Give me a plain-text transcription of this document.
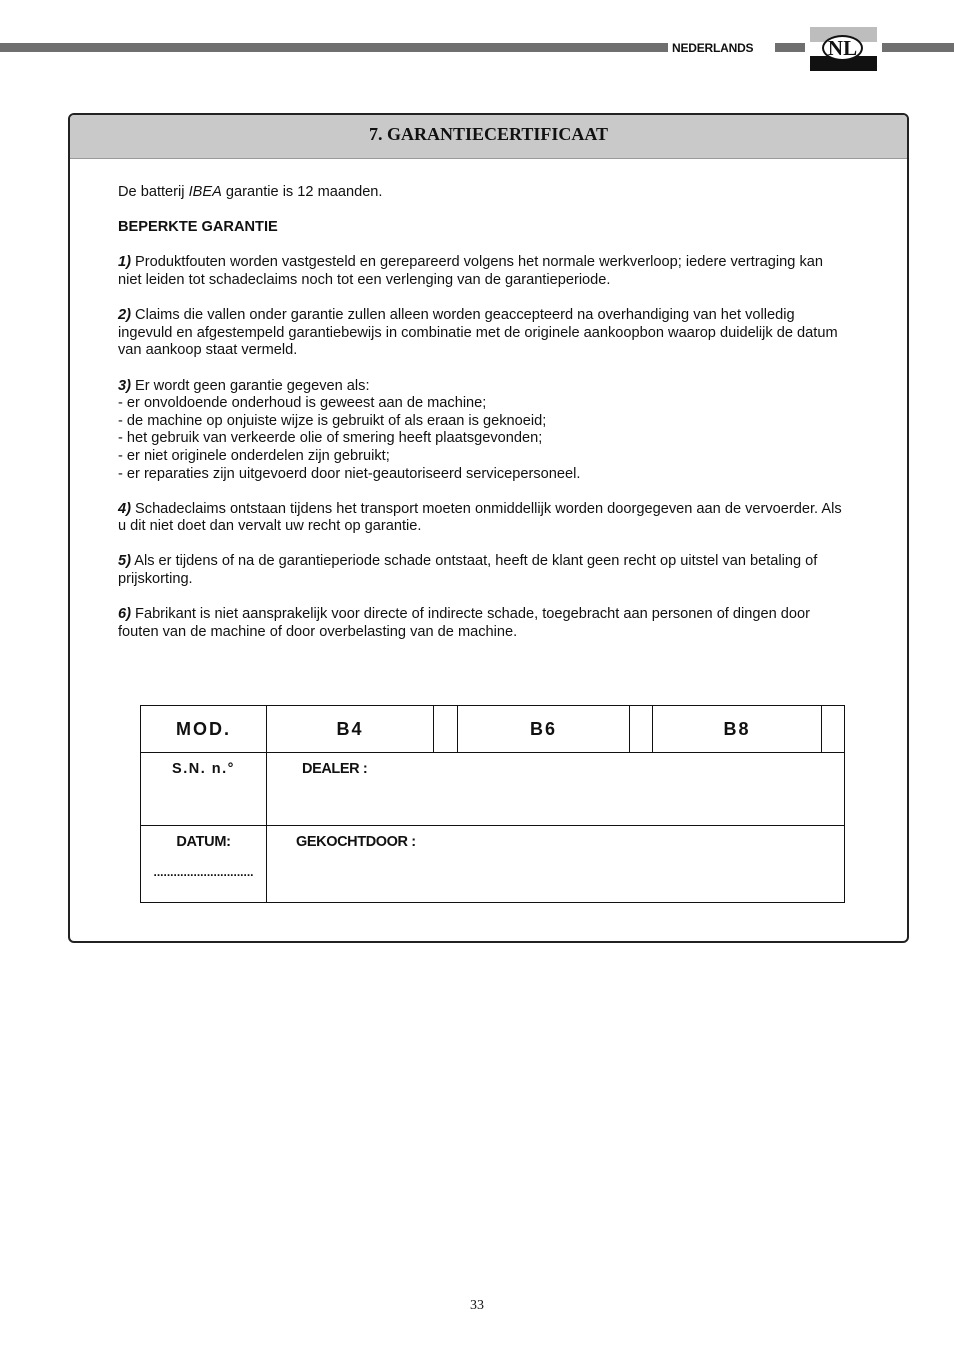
NEDERLANDS	NL
7. GARANTIECERTIFICAAT

De batterij IBEA garantie is 12 maanden.

BEPERKTE GARANTIE

1) Produktfouten worden vastgesteld en gerepareerd volgens het normale werkverloop; iedere vertraging kan niet leiden tot schadeclaims noch tot een verlenging van de garantieperiode.

2) Claims die vallen onder garantie zullen alleen worden geaccepteerd na overhandiging van het volledig ingevuld en afgestempeld garantiebewijs in combinatie met de originele aankoopbon waarop duidelijk de datum van aankoop staat vermeld.

3) Er wordt geen garantie gegeven als:
- er onvoldoende onderhoud is geweest aan de machine;
- de machine op onjuiste wijze is gebruikt of als eraan is geknoeid;
- het gebruik van verkeerde olie of smering heeft plaatsgevonden;
- er niet originele onderdelen zijn gebruikt;
- er reparaties zijn uitgevoerd door niet-geautoriseerd servicepersoneel.

4) Schadeclaims ontstaan tijdens het transport moeten onmiddellijk worden doorgegeven aan de vervoerder. Als u dit niet doet dan vervalt uw recht op garantie.

5) Als er tijdens of na de garantieperiode schade ontstaat, heeft de klant geen recht op uitstel van betaling of prijskorting.

6) Fabrikant is niet aansprakelijk voor directe of indirecte schade, toegebracht aan personen of dingen door fouten van de machine of door overbelasting van de machine.

MOD.	B4		B6		B8	

S.N. n.°	DEALER :					

DATUM:
..............................	GEKOCHTDOOR :					
33
